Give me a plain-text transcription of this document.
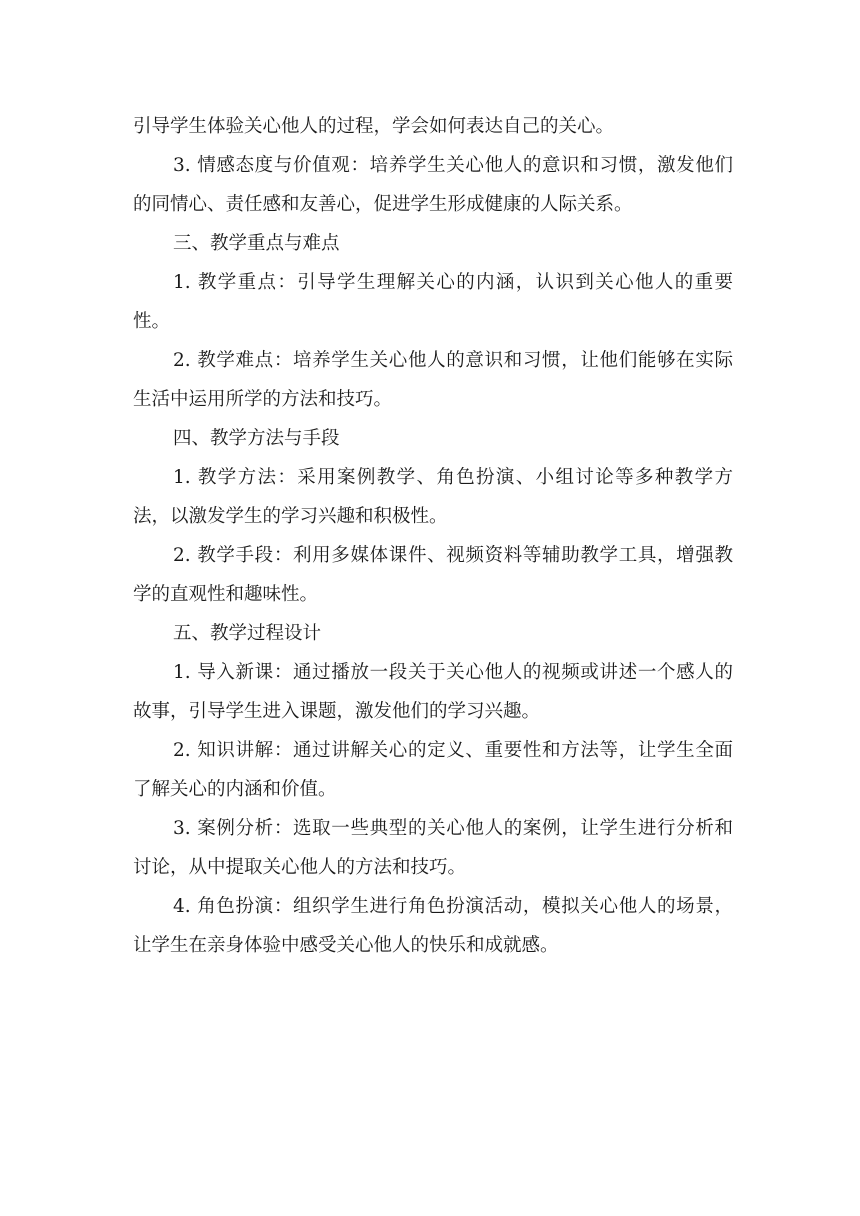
引导学生体验关心他人的过程，学会如何表达自己的关心。

3. 情感态度与价值观：培养学生关心他人的意识和习惯，激发他们的同情心、责任感和友善心，促进学生形成健康的人际关系。

三、教学重点与难点

1. 教学重点：引导学生理解关心的内涵，认识到关心他人的重要性。

2. 教学难点：培养学生关心他人的意识和习惯，让他们能够在实际生活中运用所学的方法和技巧。

四、教学方法与手段

1. 教学方法：采用案例教学、角色扮演、小组讨论等多种教学方法，以激发学生的学习兴趣和积极性。

2. 教学手段：利用多媒体课件、视频资料等辅助教学工具，增强教学的直观性和趣味性。

五、教学过程设计

1. 导入新课：通过播放一段关于关心他人的视频或讲述一个感人的故事，引导学生进入课题，激发他们的学习兴趣。

2. 知识讲解：通过讲解关心的定义、重要性和方法等，让学生全面了解关心的内涵和价值。

3. 案例分析：选取一些典型的关心他人的案例，让学生进行分析和讨论，从中提取关心他人的方法和技巧。

4. 角色扮演：组织学生进行角色扮演活动，模拟关心他人的场景，让学生在亲身体验中感受关心他人的快乐和成就感。
